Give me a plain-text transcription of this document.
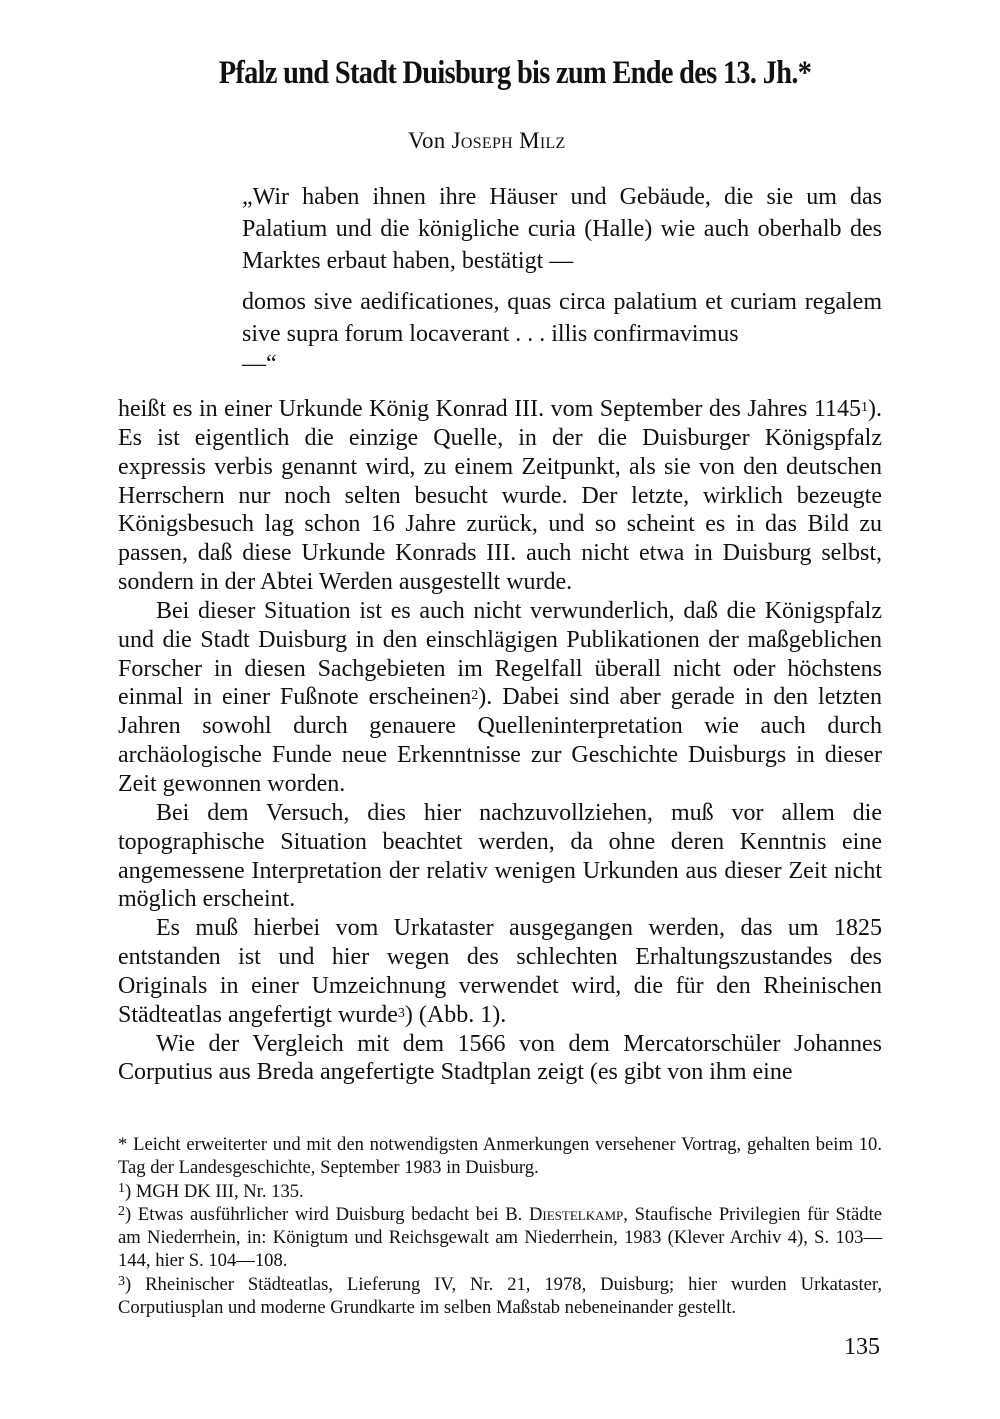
Pfalz und Stadt Duisburg bis zum Ende des 13. Jh.*
Von Joseph Milz
„Wir haben ihnen ihre Häuser und Gebäude, die sie um das Palatium und die königliche curia (Halle) wie auch oberhalb des Marktes erbaut haben, bestätigt —
domos sive aedificationes, quas circa palatium et curiam regalem sive supra forum locaverant . . . illis confirmavimus
—“

heißt es in einer Urkunde König Konrad III. vom September des Jahres 1145$^1$). Es ist eigentlich die einzige Quelle, in der die Duisburger Königspfalz expressis verbis genannt wird, zu einem Zeitpunkt, als sie von den deutschen Herrschern nur noch selten besucht wurde. Der letzte, wirklich bezeugte Königsbesuch lag schon 16 Jahre zurück, und so scheint es in das Bild zu passen, daß diese Urkunde Konrads III. auch nicht etwa in Duisburg selbst, sondern in der Abtei Werden ausgestellt wurde.

Bei dieser Situation ist es auch nicht verwunderlich, daß die Königspfalz und die Stadt Duisburg in den einschlägigen Publikationen der maßgeblichen Forscher in diesen Sachgebieten im Regelfall überall nicht oder höchstens einmal in einer Fußnote erscheinen$^2$). Dabei sind aber gerade in den letzten Jahren sowohl durch genauere Quelleninterpretation wie auch durch archäologische Funde neue Erkenntnisse zur Geschichte Duisburgs in dieser Zeit gewonnen worden.

Bei dem Versuch, dies hier nachzuvollziehen, muß vor allem die topographische Situation beachtet werden, da ohne deren Kenntnis eine angemessene Interpretation der relativ wenigen Urkunden aus dieser Zeit nicht möglich erscheint.

Es muß hierbei vom Urkataster ausgegangen werden, das um 1825 entstanden ist und hier wegen des schlechten Erhaltungszustandes des Originals in einer Umzeichnung verwendet wird, die für den Rheinischen Städteatlas angefertigt wurde$^3$) (Abb. 1).

Wie der Vergleich mit dem 1566 von dem Mercatorschüler Johannes Corputius aus Breda angefertigte Stadtplan zeigt (es gibt von ihm eine

* Leicht erweiterter und mit den notwendigsten Anmerkungen versehener Vortrag, gehalten beim 10. Tag der Landesgeschichte, September 1983 in Duisburg.

$^1$) MGH DK III, Nr. 135.

$^2$) Etwas ausführlicher wird Duisburg bedacht bei B. Diestelkamp, Staufische Privilegien für Städte am Niederrhein, in: Königtum und Reichsgewalt am Niederrhein, 1983 (Klever Archiv 4), S. 103—144, hier S. 104—108.

$^3$) Rheinischer Städteatlas, Lieferung IV, Nr. 21, 1978, Duisburg; hier wurden Urkataster, Corputiusplan und moderne Grundkarte im selben Maßstab nebeneinander gestellt.

135
